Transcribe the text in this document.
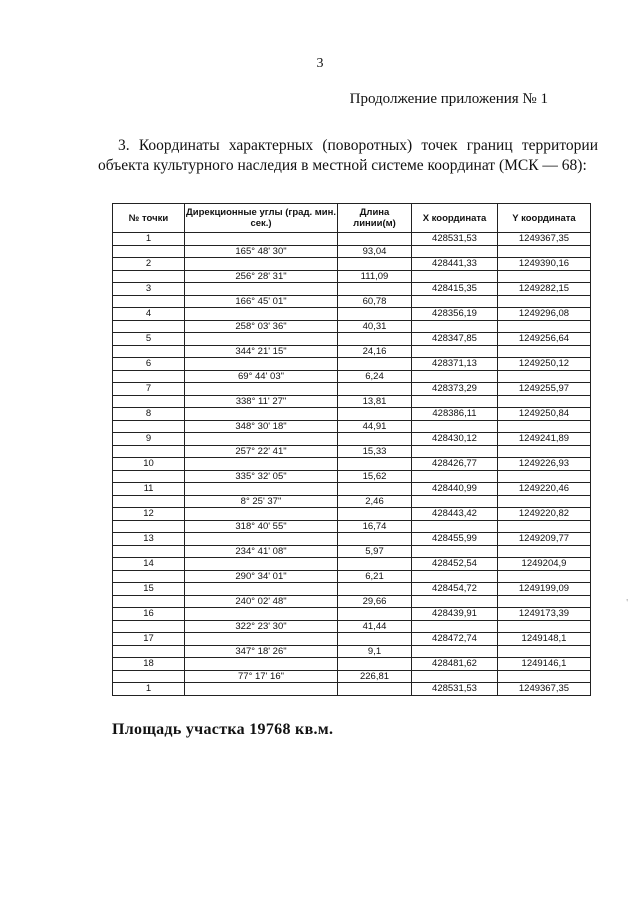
3
Продолжение приложения № 1
3. Координаты характерных (поворотных) точек границ территории объекта культурного наследия в местной системе координат (МСК — 68):
№ точки	Дирекционные углы (град. мин. сек.)	Длина линии(м)	X координата	Y координата
1			428531,53	1249367,35
	165° 48' 30"	93,04		
2			428441,33	1249390,16
	256° 28' 31"	111,09		
3			428415,35	1249282,15
	166° 45' 01"	60,78		
4			428356,19	1249296,08
	258° 03' 36"	40,31		
5			428347,85	1249256,64
	344° 21' 15"	24,16		
6			428371,13	1249250,12
	69° 44' 03"	6,24		
7			428373,29	1249255,97
	338° 11' 27"	13,81		
8			428386,11	1249250,84
	348° 30' 18"	44,91		
9			428430,12	1249241,89
	257° 22' 41"	15,33		
10			428426,77	1249226,93
	335° 32' 05"	15,62		
11			428440,99	1249220,46
	8° 25' 37"	2,46		
12			428443,42	1249220,82
	318° 40' 55"	16,74		
13			428455,99	1249209,77
	234° 41' 08"	5,97		
14			428452,54	1249204,9
	290° 34' 01"	6,21		
15			428454,72	1249199,09
	240° 02' 48"	29,66		
16			428439,91	1249173,39
	322° 23' 30"	41,44		
17			428472,74	1249148,1
	347° 18' 26"	9,1		
18			428481,62	1249146,1
	77° 17' 16"	226,81		
1			428531,53	1249367,35
Площадь участка 19768 кв.м.
'
